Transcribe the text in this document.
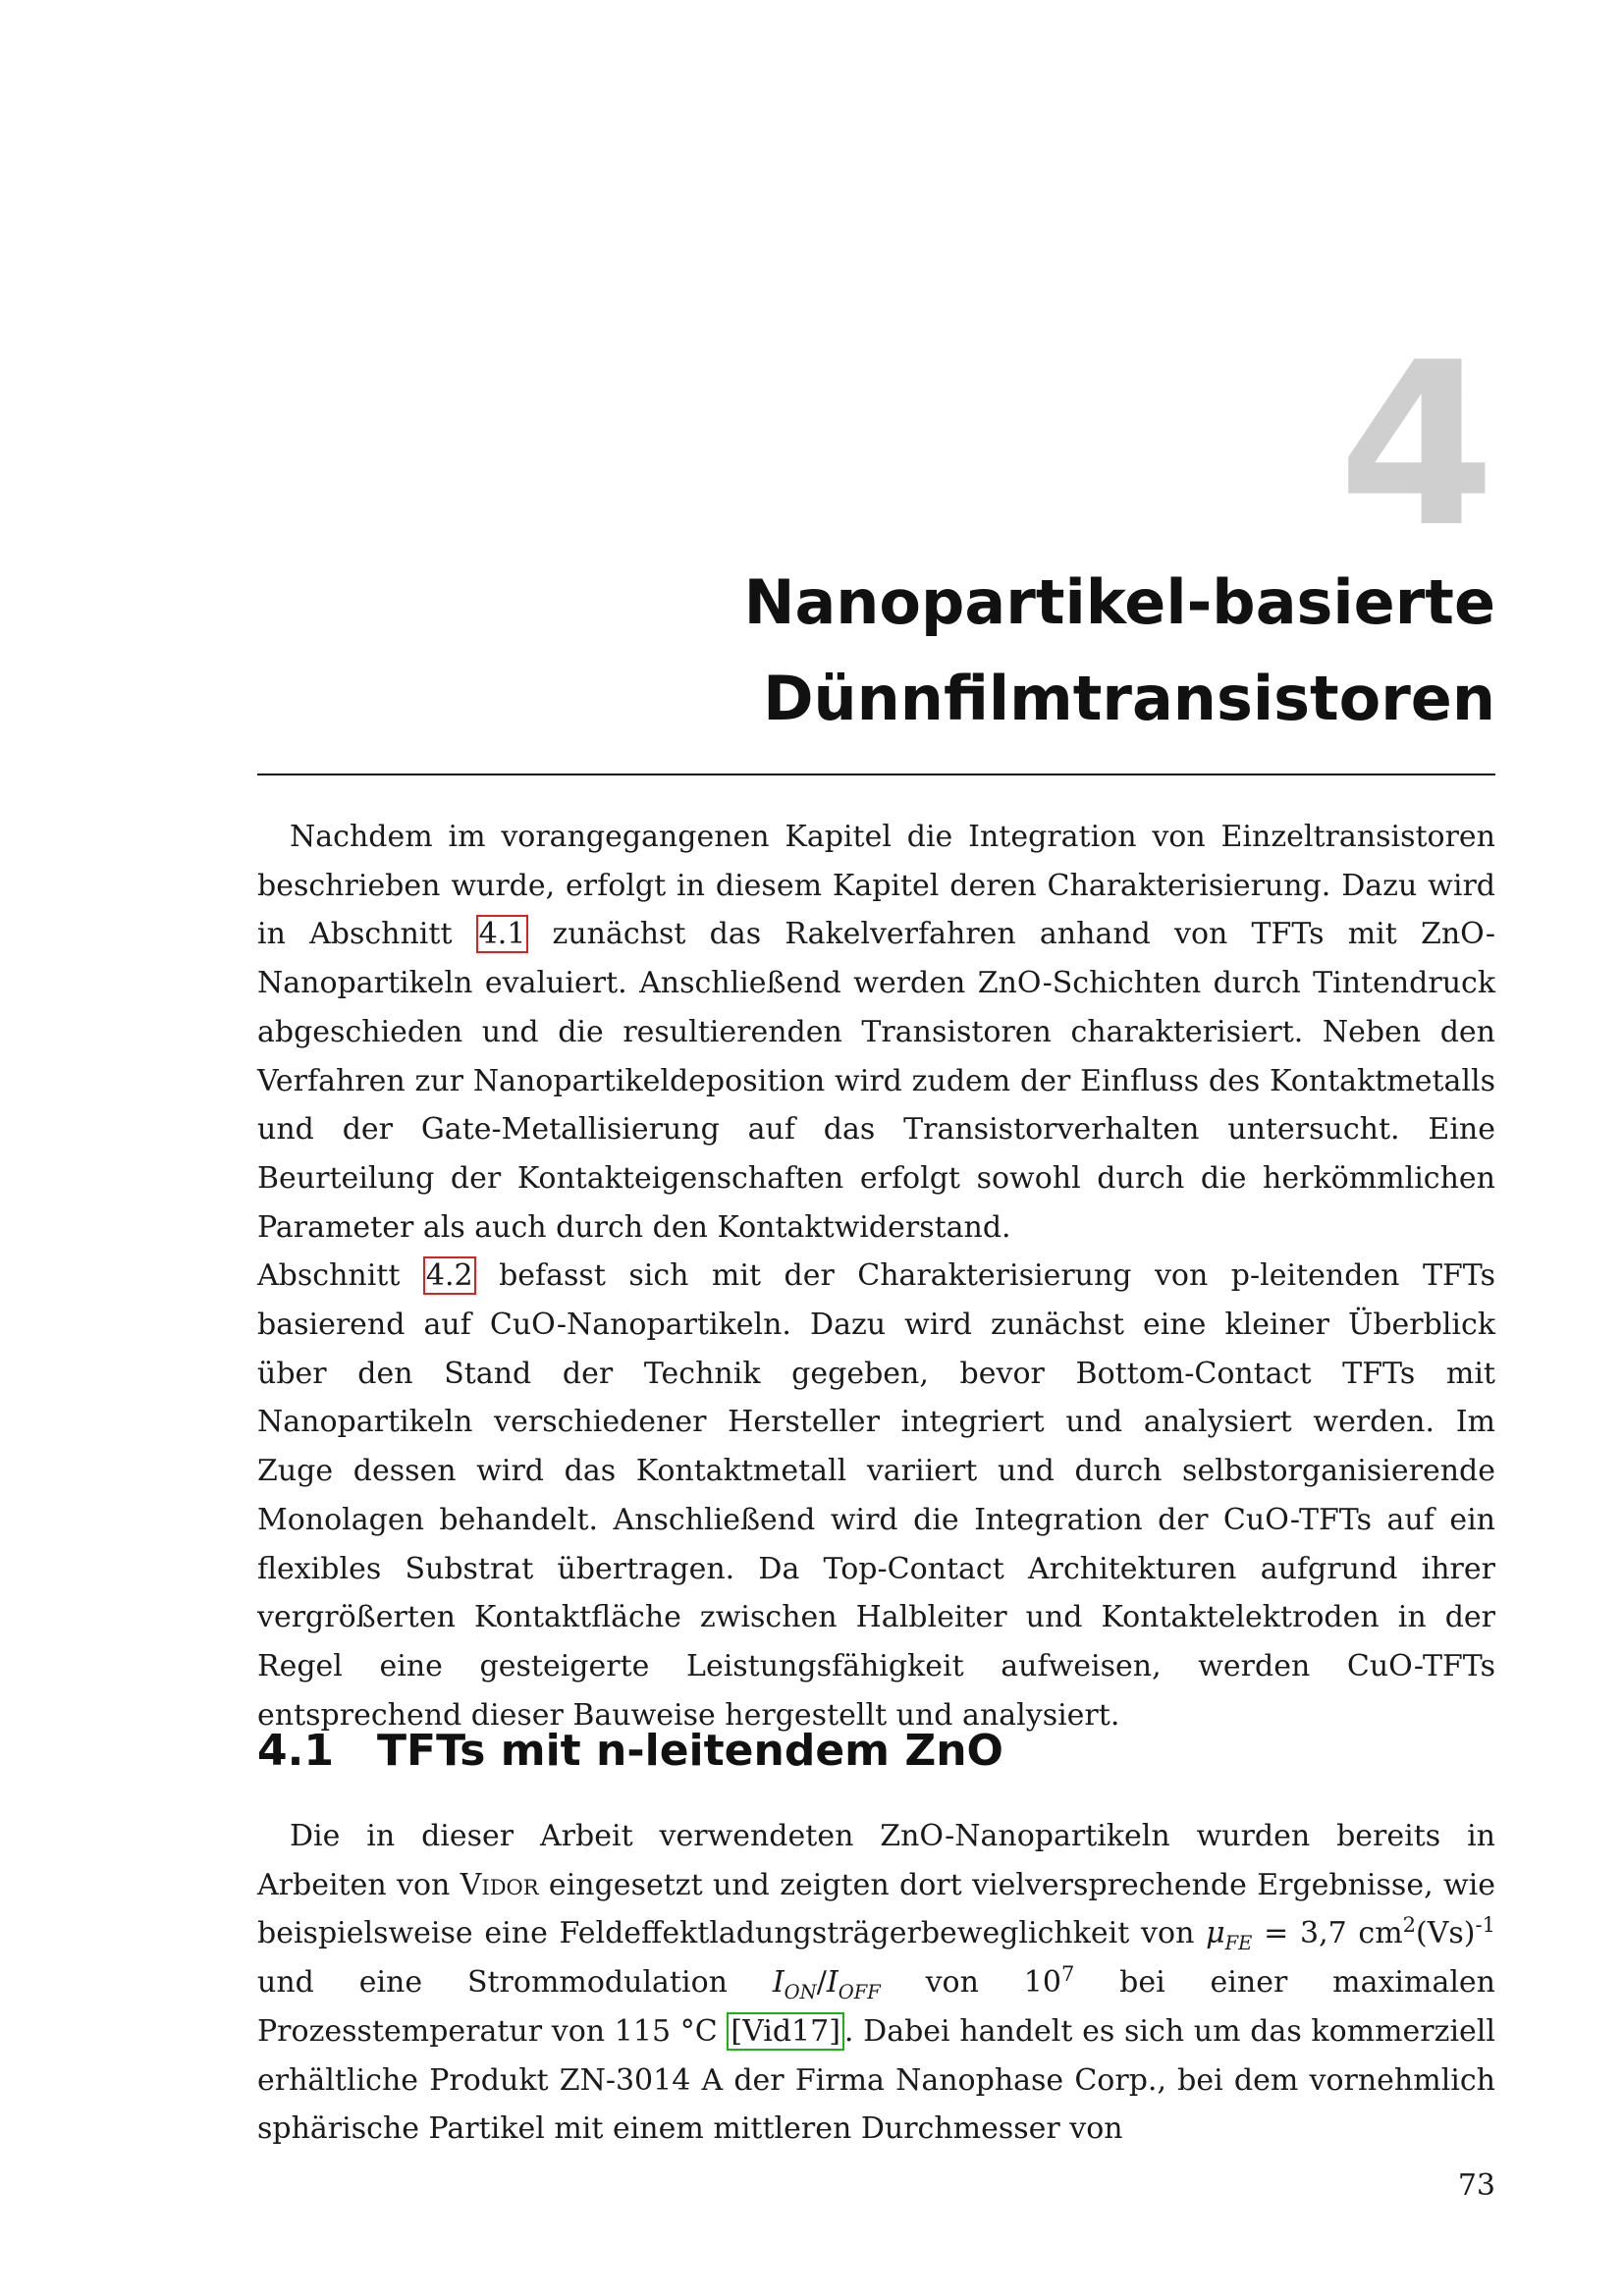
4
Nanopartikel-basierte
Dünnfilmtransistoren

Nachdem im vorangegangenen Kapitel die Integration von Einzeltransistoren beschrieben wurde, erfolgt in diesem Kapitel deren Charakterisierung. Dazu wird in Abschnitt 4.1 zunächst das Rakelverfahren anhand von TFTs mit ZnO-Nanopartikeln evaluiert. Anschließend werden ZnO-Schichten durch Tintendruck abgeschieden und die resultierenden Transistoren charakterisiert. Neben den Verfahren zur Nanopartikeldeposition wird zudem der Einfluss des Kontaktmetalls und der Gate-Metallisierung auf das Transistorverhalten untersucht. Eine Beurteilung der Kontakteigenschaften erfolgt sowohl durch die herkömmlichen Parameter als auch durch den Kontaktwiderstand.

Abschnitt 4.2 befasst sich mit der Charakterisierung von p-leitenden TFTs basierend auf CuO-Nanopartikeln. Dazu wird zunächst eine kleiner Überblick über den Stand der Technik gegeben, bevor Bottom-Contact TFTs mit Nanopartikeln verschiedener Hersteller integriert und analysiert werden. Im Zuge dessen wird das Kontaktmetall variiert und durch selbstorganisierende Monolagen behandelt. Anschließend wird die Integration der CuO-TFTs auf ein flexibles Substrat übertragen. Da Top-Contact Architekturen aufgrund ihrer vergrößerten Kontaktfläche zwischen Halbleiter und Kontaktelektroden in der Regel eine gesteigerte Leistungsfähigkeit aufweisen, werden CuO-TFTs entsprechend dieser Bauweise hergestellt und analysiert.

4.1 TFTs mit n-leitendem ZnO

Die in dieser Arbeit verwendeten ZnO-Nanopartikeln wurden bereits in Arbeiten von Vidor eingesetzt und zeigten dort vielversprechende Ergebnisse, wie beispielsweise eine Feldeffektladungsträgerbeweglichkeit von $\mu_{FE} = 3,7$ $cm^2(Vs)^{-1}$ und eine Strommodulation $I_{ON}/I_{OFF}$ von $10^7$ bei einer maximalen Prozesstemperatur von 115 °C [Vid17] . Dabei handelt es sich um das kommerziell erhältliche Produkt ZN-3014 A der Firma Nanophase Corp., bei dem vornehmlich sphärische Partikel mit einem mittleren Durchmesser von

73
